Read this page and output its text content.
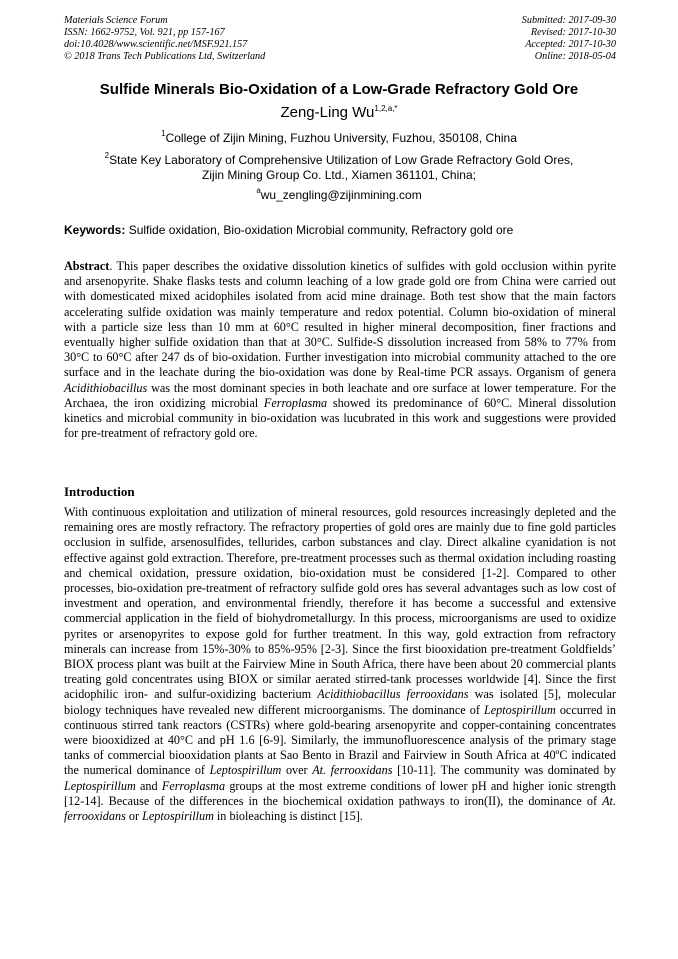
Materials Science Forum
ISSN: 1662-9752, Vol. 921, pp 157-167
doi:10.4028/www.scientific.net/MSF.921.157
© 2018 Trans Tech Publications Ltd, Switzerland
Submitted: 2017-09-30
Revised: 2017-10-30
Accepted: 2017-10-30
Online: 2018-05-04
Sulfide Minerals Bio-Oxidation of a Low-Grade Refractory Gold Ore
Zeng-Ling $Wu^{1,2,a,*}$
$^1$College of Zijin Mining, Fuzhou University, Fuzhou, 350108, China
$^2$State Key Laboratory of Comprehensive Utilization of Low Grade Refractory Gold Ores,
Zijin Mining Group Co. Ltd., Xiamen 361101, China;
$^a$wu_zengling@zijinmining.com
Keywords: Sulfide oxidation, Bio-oxidation Microbial community, Refractory gold ore
Abstract. This paper describes the oxidative dissolution kinetics of sulfides with gold occlusion within pyrite and arsenopyrite. Shake flasks tests and column leaching of a low grade gold ore from China were carried out with domesticated mixed acidophiles isolated from acid mine drainage. Both test show that the main factors accelerating sulfide oxidation was mainly temperature and redox potential. Column bio-oxidation of mineral with a particle size less than 10 mm at 60°C resulted in higher mineral decomposition, finer fractions and eventually higher sulfide oxidation than that at 30°C. Sulfide-S dissolution increased from 58% to 77% from 30°C to 60°C after 247 ds of bio-oxidation. Further investigation into microbial community attached to the ore surface and in the leachate during the bio-oxidation was done by Real-time PCR assays. Organism of genera Acidithiobacillus was the most dominant species in both leachate and ore surface at lower temperature. For the Archaea, the iron oxidizing microbial Ferroplasma showed its predominance of 60°C. Mineral dissolution kinetics and microbial community in bio-oxidation was lucubrated in this work and suggestions were provided for pre-treatment of refractory gold ore.
Introduction
With continuous exploitation and utilization of mineral resources, gold resources increasingly depleted and the remaining ores are mostly refractory. The refractory properties of gold ores are mainly due to fine gold particles occlusion in sulfide, arsenosulfides, tellurides, carbon substances and clay. Direct alkaline cyanidation is not effective against gold extraction. Therefore, pre-treatment processes such as thermal oxidation including roasting and chemical oxidation, pressure oxidation, bio-oxidation must be considered [1-2]. Compared to other processes, bio-oxidation pre-treatment of refractory sulfide gold ores has several advantages such as low cost of investment and operation, and environmental friendly, therefore it has become a successful and extensive commercial application in the field of biohydrometallurgy. In this process, microorganisms are used to oxidize pyrites or arsenopyrites to expose gold for further treatment. In this way, gold extraction from refractory minerals can increase from 15%-30% to 85%-95% [2-3]. Since the first biooxidation pre-treatment Goldfields’ BIOX process plant was built at the Fairview Mine in South Africa, there have been about 20 commercial plants treating gold concentrates using BIOX or similar aerated stirred-tank processes worldwide [4]. Since the first acidophilic iron- and sulfur-oxidizing bacterium Acidithiobacillus ferrooxidans was isolated [5], molecular biology techniques have revealed new different microorganisms. The dominance of Leptospirillum occurred in continuous stirred tank reactors (CSTRs) where gold-bearing arsenopyrite and copper-containing concentrates were biooxidized at 40°C and pH 1.6 [6-9]. Similarly, the immunofluorescence analysis of the primary stage tanks of commercial biooxidation plants at Sao Bento in Brazil and Fairview in South Africa at 40ºC indicated the numerical dominance of Leptospirillum over At. ferrooxidans [10-11]. The community was dominated by Leptospirillum and Ferroplasma groups at the most extreme conditions of lower pH and higher ionic strength [12-14]. Because of the differences in the biochemical oxidation pathways to iron(II), the dominance of At. ferrooxidans or Leptospirillum in bioleaching is distinct [15].
